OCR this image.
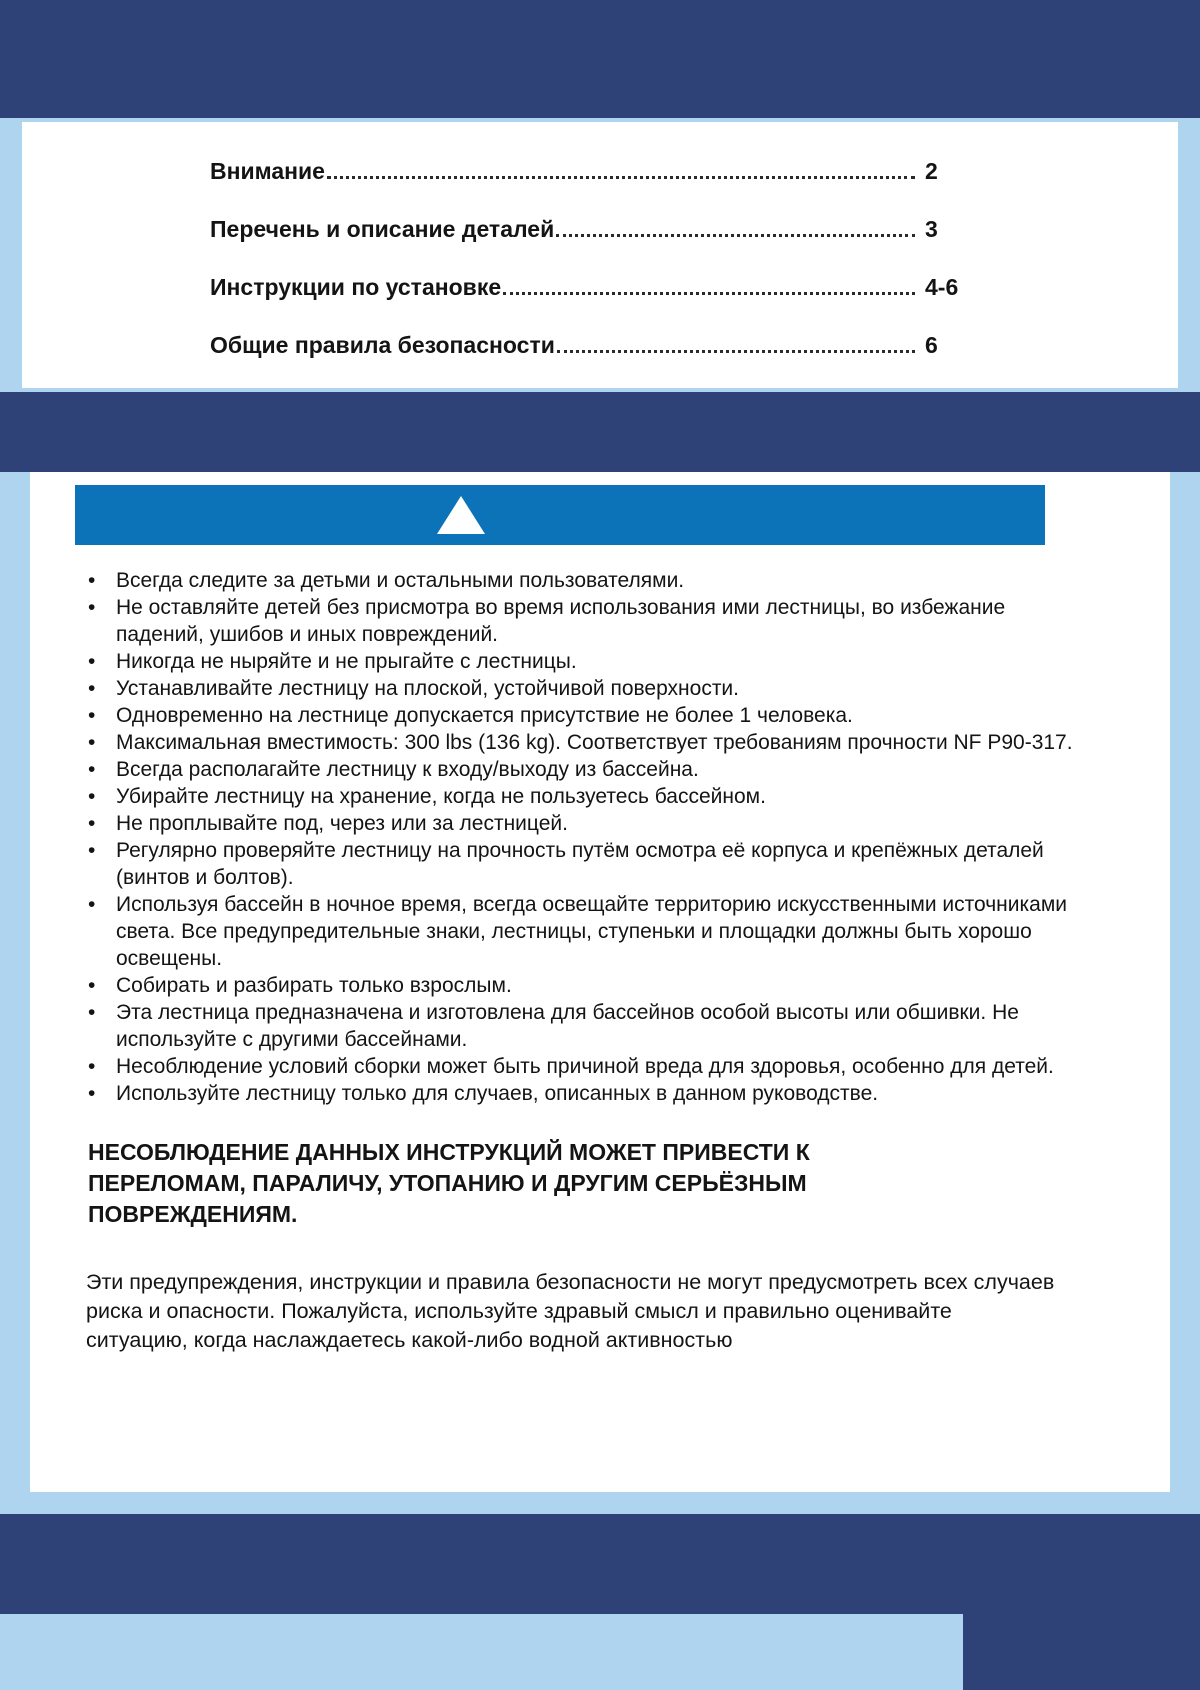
Внимание	2
Перечень и описание деталей	3
Инструкции по установке	4-6
Общие правила безопасности	6
• Всегда следите за детьми и остальными пользователями.
• Не оставляйте детей без присмотра во время использования ими лестницы, во избежание падений, ушибов и иных повреждений.
• Никогда не ныряйте и не прыгайте с лестницы.
• Устанавливайте лестницу на плоской, устойчивой поверхности.
• Одновременно на лестнице допускается присутствие не более 1 человека.
• Максимальная вместимость: 300 lbs (136 kg). Соответствует требованиям прочности NF P90-317.
• Всегда располагайте лестницу к входу/выходу из бассейна.
• Убирайте лестницу на хранение, когда не пользуетесь бассейном.
• Не проплывайте под, через или за лестницей.
• Регулярно проверяйте лестницу на прочность путём осмотра её корпуса и крепёжных деталей (винтов и болтов).
• Используя бассейн в ночное время, всегда освещайте территорию искусственными источниками света. Все предупредительные знаки, лестницы, ступеньки и площадки должны быть хорошо освещены.
• Собирать и разбирать только взрослым.
• Эта лестница предназначена и изготовлена для бассейнов особой высоты или обшивки. Не используйте с другими бассейнами.
• Несоблюдение условий сборки может быть причиной вреда для здоровья, особенно для детей.
• Используйте лестницу только для случаев, описанных в данном руководстве.

НЕСОБЛЮДЕНИЕ ДАННЫХ ИНСТРУКЦИЙ МОЖЕТ ПРИВЕСТИ К ПЕРЕЛОМАМ, ПАРАЛИЧУ, УТОПАНИЮ И ДРУГИМ СЕРЬЁЗНЫМ ПОВРЕЖДЕНИЯМ.

Эти предупреждения, инструкции и правила безопасности не могут предусмотреть всех случаев риска и опасности. Пожалуйста, используйте здравый смысл и правильно оценивайте ситуацию, когда наслаждаетесь какой-либо водной активностью
